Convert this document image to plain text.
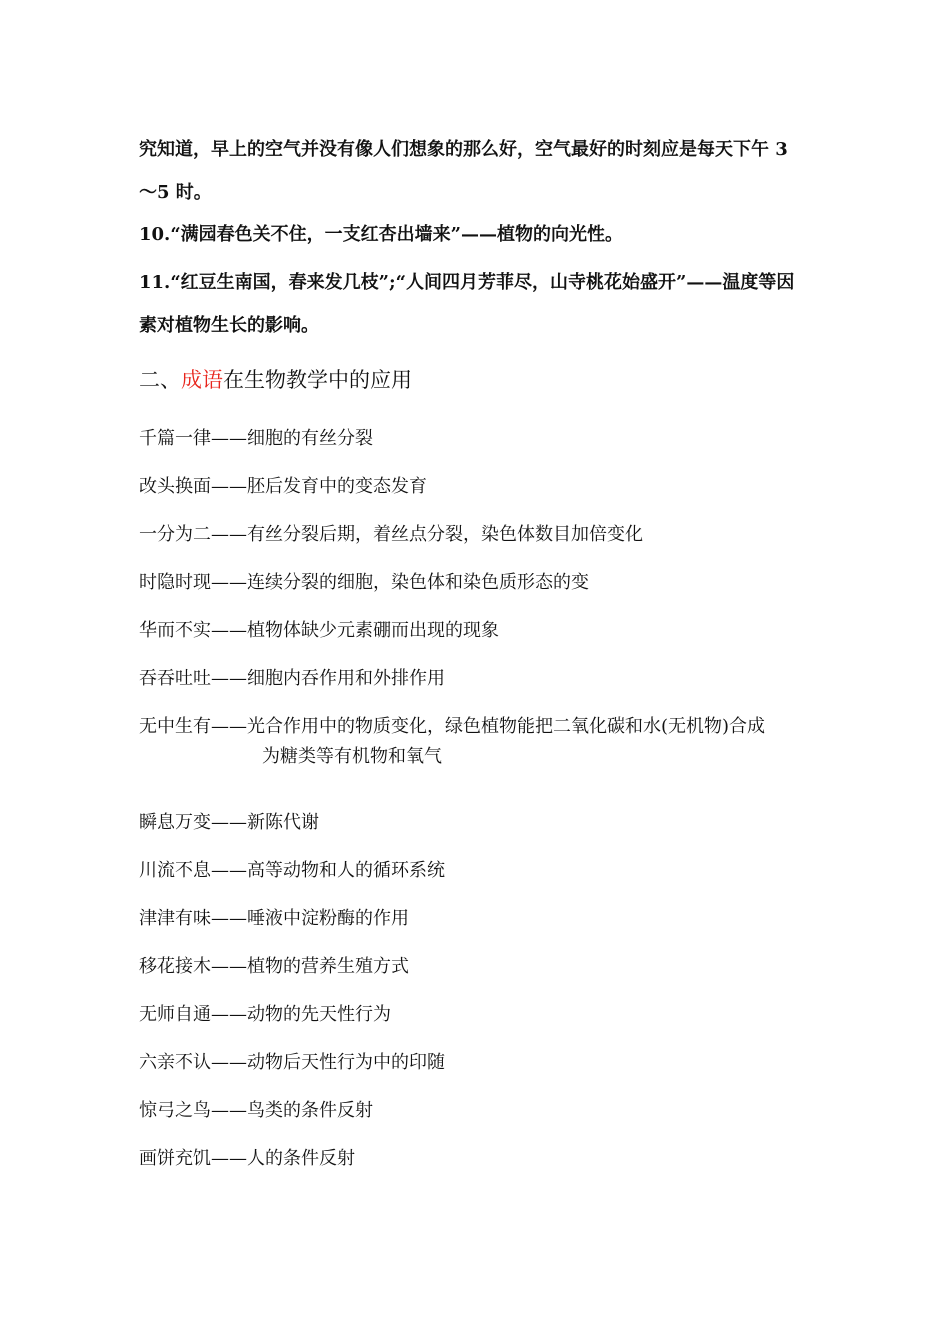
究知道，早上的空气并没有像人们想象的那么好，空气最好的时刻应是每天下午 3
～5 时。
10.“满园春色关不住，一支红杏出墙来”——植物的向光性。
11.“红豆生南国，春来发几枝”;“人间四月芳菲尽，山寺桃花始盛开”——温度等因
素对植物生长的影响。
二、成语在生物教学中的应用
千篇一律——细胞的有丝分裂
改头换面——胚后发育中的变态发育
一分为二——有丝分裂后期，着丝点分裂，染色体数目加倍变化
时隐时现——连续分裂的细胞，染色体和染色质形态的变
华而不实——植物体缺少元素硼而出现的现象
吞吞吐吐——细胞内吞作用和外排作用
无中生有——光合作用中的物质变化，绿色植物能把二氧化碳和水(无机物)合成
为糖类等有机物和氧气
瞬息万变——新陈代谢
川流不息——高等动物和人的循环系统
津津有味——唾液中淀粉酶的作用
移花接木——植物的营养生殖方式
无师自通——动物的先天性行为
六亲不认——动物后天性行为中的印随
惊弓之鸟——鸟类的条件反射
画饼充饥——人的条件反射
